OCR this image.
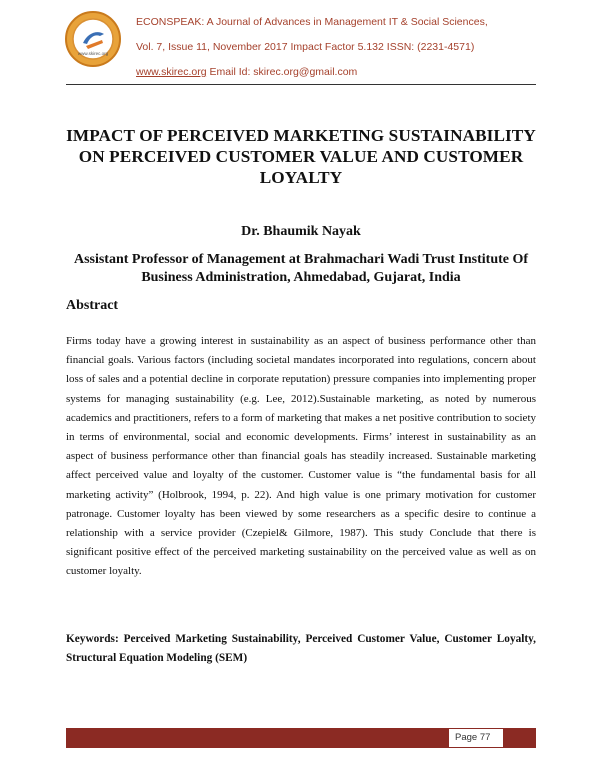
www.skirec.org
ECONSPEAK: A Journal of Advances in Management IT & Social Sciences,
Vol. 7, Issue 11, November 2017 Impact Factor 5.132 ISSN: (2231-4571)
www.skirec.org Email Id: skirec.org@gmail.com
IMPACT OF PERCEIVED MARKETING SUSTAINABILITY ON PERCEIVED CUSTOMER VALUE AND CUSTOMER LOYALTY
Dr. Bhaumik Nayak
Assistant Professor of Management at Brahmachari Wadi Trust Institute Of Business Administration, Ahmedabad, Gujarat, India
Abstract

Firms today have a growing interest in sustainability as an aspect of business performance other than financial goals. Various factors (including societal mandates incorporated into regulations, concern about loss of sales and a potential decline in corporate reputation) pressure companies into implementing proper systems for managing sustainability (e.g. Lee, 2012).Sustainable marketing, as noted by numerous academics and practitioners, refers to a form of marketing that makes a net positive contribution to society in terms of environmental, social and economic developments. Firms’ interest in sustainability as an aspect of business performance other than financial goals has steadily increased. Sustainable marketing affect perceived value and loyalty of the customer. Customer value is “the fundamental basis for all marketing activity” (Holbrook, 1994, p. 22). And high value is one primary motivation for customer patronage. Customer loyalty has been viewed by some researchers as a specific desire to continue a relationship with a service provider (Czepiel& Gilmore, 1987). This study Conclude that there is significant positive effect of the perceived marketing sustainability on the perceived value as well as on customer loyalty.

Keywords: Perceived Marketing Sustainability, Perceived Customer Value, Customer Loyalty, Structural Equation Modeling (SEM)

Page 77
